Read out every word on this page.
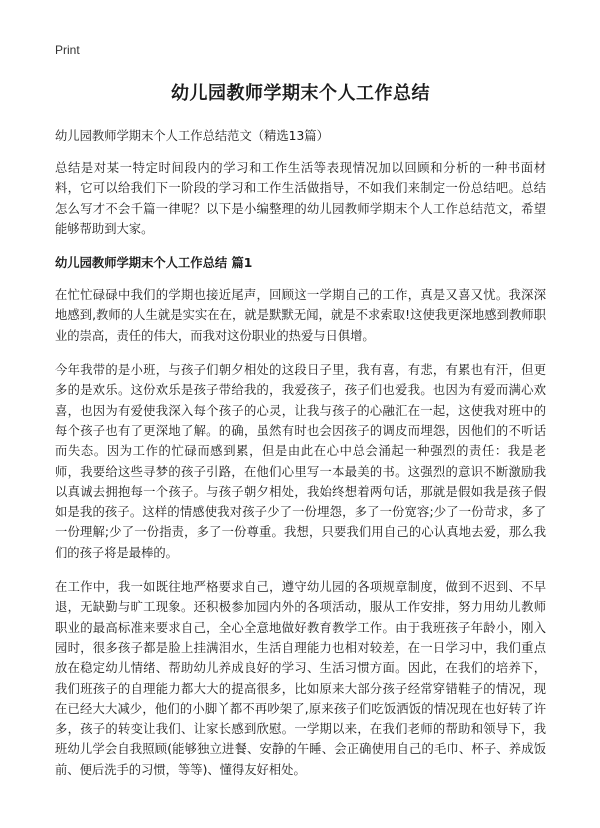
Print
幼儿园教师学期末个人工作总结

幼儿园教师学期末个人工作总结范文（精选13篇）

总结是对某一特定时间段内的学习和工作生活等表现情况加以回顾和分析的一种书面材料，它可以给我们下一阶段的学习和工作生活做指导，不如我们来制定一份总结吧。总结怎么写才不会千篇一律呢？以下是小编整理的幼儿园教师学期末个人工作总结范文，希望能够帮助到大家。

幼儿园教师学期末个人工作总结 篇1

在忙忙碌碌中我们的学期也接近尾声，回顾这一学期自己的工作，真是又喜又忧。我深深地感到,教师的人生就是实实在在，就是默默无闻，就是不求索取!这使我更深地感到教师职业的崇高，责任的伟大，而我对这份职业的热爱与日俱增。

今年我带的是小班，与孩子们朝夕相处的这段日子里，我有喜，有悲，有累也有汗，但更多的是欢乐。这份欢乐是孩子带给我的，我爱孩子，孩子们也爱我。也因为有爱而满心欢喜，也因为有爱使我深入每个孩子的心灵，让我与孩子的心融汇在一起，这使我对班中的每个孩子也有了更深地了解。的确，虽然有时也会因孩子的调皮而埋怨，因他们的不听话而失态。因为工作的忙碌而感到累，但是由此在心中总会涌起一种强烈的责任：我是老师，我要给这些寻梦的孩子引路，在他们心里写一本最美的书。这强烈的意识不断激励我以真诚去拥抱每一个孩子。与孩子朝夕相处，我始终想着两句话，那就是假如我是孩子假如是我的孩子。这样的情感使我对孩子少了一份埋怨，多了一份宽容;少了一份苛求，多了一份理解;少了一份指责，多了一份尊重。我想，只要我们用自己的心认真地去爱，那么我们的孩子将是最棒的。

在工作中，我一如既往地严格要求自己，遵守幼儿园的各项规章制度，做到不迟到、不早退，无缺勤与旷工现象。还积极参加园内外的各项活动，服从工作安排，努力用幼儿教师职业的最高标准来要求自己，全心全意地做好教育教学工作。由于我班孩子年龄小，刚入园时，很多孩子都是脸上挂满泪水，生活自理能力也相对较差，在一日学习中，我们重点放在稳定幼儿情绪、帮助幼儿养成良好的学习、生活习惯方面。因此，在我们的培养下，我们班孩子的自理能力都大大的提高很多，比如原来大部分孩子经常穿错鞋子的情况，现在已经大大减少，他们的小脚丫都不再吵架了,原来孩子们吃饭洒饭的情况现在也好转了许多，孩子的转变让我们、让家长感到欣慰。一学期以来，在我们老师的帮助和领导下，我班幼儿学会自我照顾(能够独立进餐、安静的午睡、会正确使用自己的毛巾、杯子、养成饭前、便后洗手的习惯，等等)、懂得友好相处。
